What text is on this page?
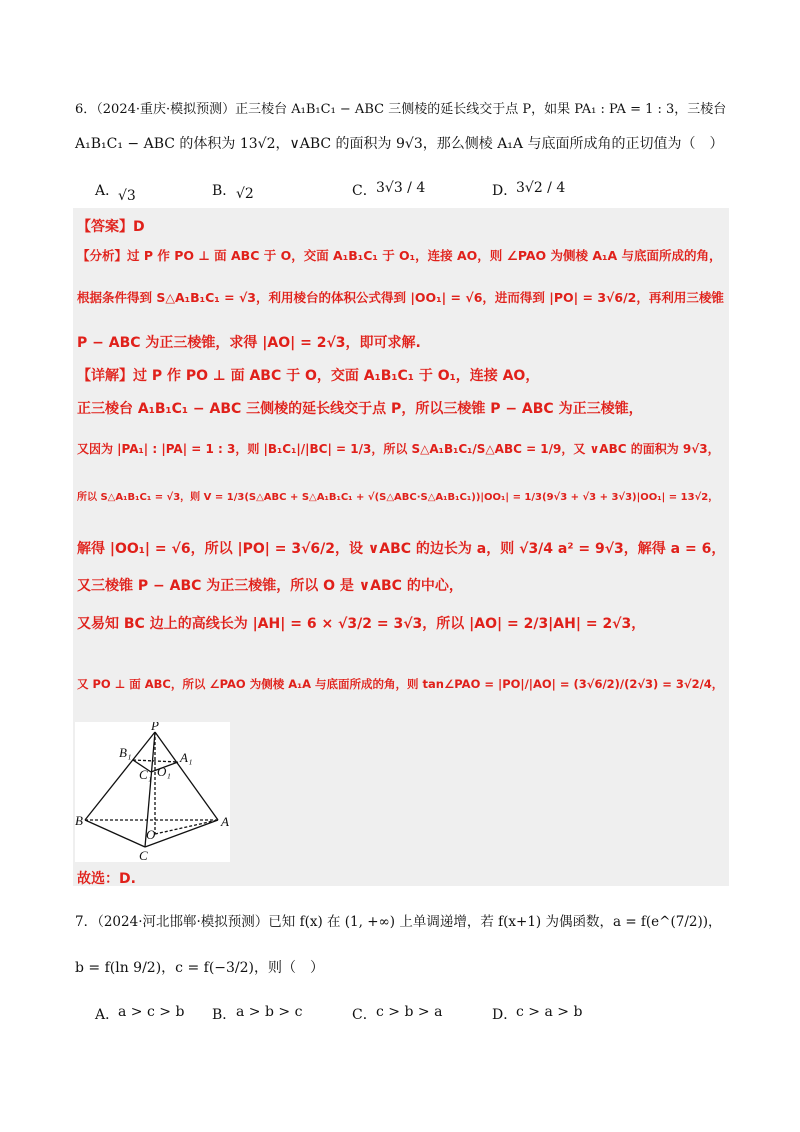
6．（2024·重庆·模拟预测）正三棱台 A₁B₁C₁ − ABC 三侧棱的延长线交于点 P，如果 PA₁ : PA = 1 : 3，三棱台
A₁B₁C₁ − ABC 的体积为 13√2，∨ABC 的面积为 9√3，那么侧棱 A₁A 与底面所成角的正切值为（　）
A．
√3	B． √2	C． 3√3 / 4	D．
3√2 / 4
【答案】D
【分析】过 P 作 PO ⊥ 面 ABC 于 O，交面 A₁B₁C₁ 于 O₁，连接 AO，则 ∠PAO 为侧棱 A₁A 与底面所成的角，
根据条件得到 S△A₁B₁C₁ = √3，利用棱台的体积公式得到 |OO₁| = √6，进而得到 |PO| = 3√6/2，再利用三棱锥
P − ABC 为正三棱锥，求得 |AO| = 2√3，即可求解.
【详解】过 P 作 PO ⊥ 面 ABC 于 O，交面 A₁B₁C₁ 于 O₁，连接 AO，
正三棱台 A₁B₁C₁ − ABC 三侧棱的延长线交于点 P，所以三棱锥 P − ABC 为正三棱锥，
又因为 |PA₁| : |PA| = 1 : 3，则 |B₁C₁|/|BC| = 1/3，所以 S△A₁B₁C₁/S△ABC = 1/9，又 ∨ABC 的面积为 9√3，
所以 S△A₁B₁C₁ = √3，则 V = 1/3(S△ABC + S△A₁B₁C₁ + √(S△ABC·S△A₁B₁C₁))|OO₁| = 1/3(9√3 + √3 + 3√3)|OO₁| = 13√2，
解得 |OO₁| = √6，所以 |PO| = 3√6/2，设 ∨ABC 的边长为 a，则 √3/4 a² = 9√3，解得 a = 6，
又三棱锥 P − ABC 为正三棱锥，所以 O 是 ∨ABC 的中心，
又易知 BC 边上的高线长为 |AH| = 6 × √3/2 = 3√3，所以 |AO| = 2/3|AH| = 2√3，
又 PO ⊥ 面 ABC，所以 ∠PAO 为侧棱 A₁A 与底面所成的角，则 tan∠PAO = |PO|/|AO| = (3√6/2)/(2√3) = 3√2/4，
P
B₁	A₁
C₁ O₁
B	A
O
C
故选：D.
7．（2024·河北邯郸·模拟预测）已知 f(x) 在 (1, +∞) 上单调递增，若 f(x+1) 为偶函数，a = f(e^(7/2))，
b = f(ln 9/2)，c = f(−3/2)，则（　）
A．
a > c > b B． a > b > c	C． c > b > a	D．
c > a > b
